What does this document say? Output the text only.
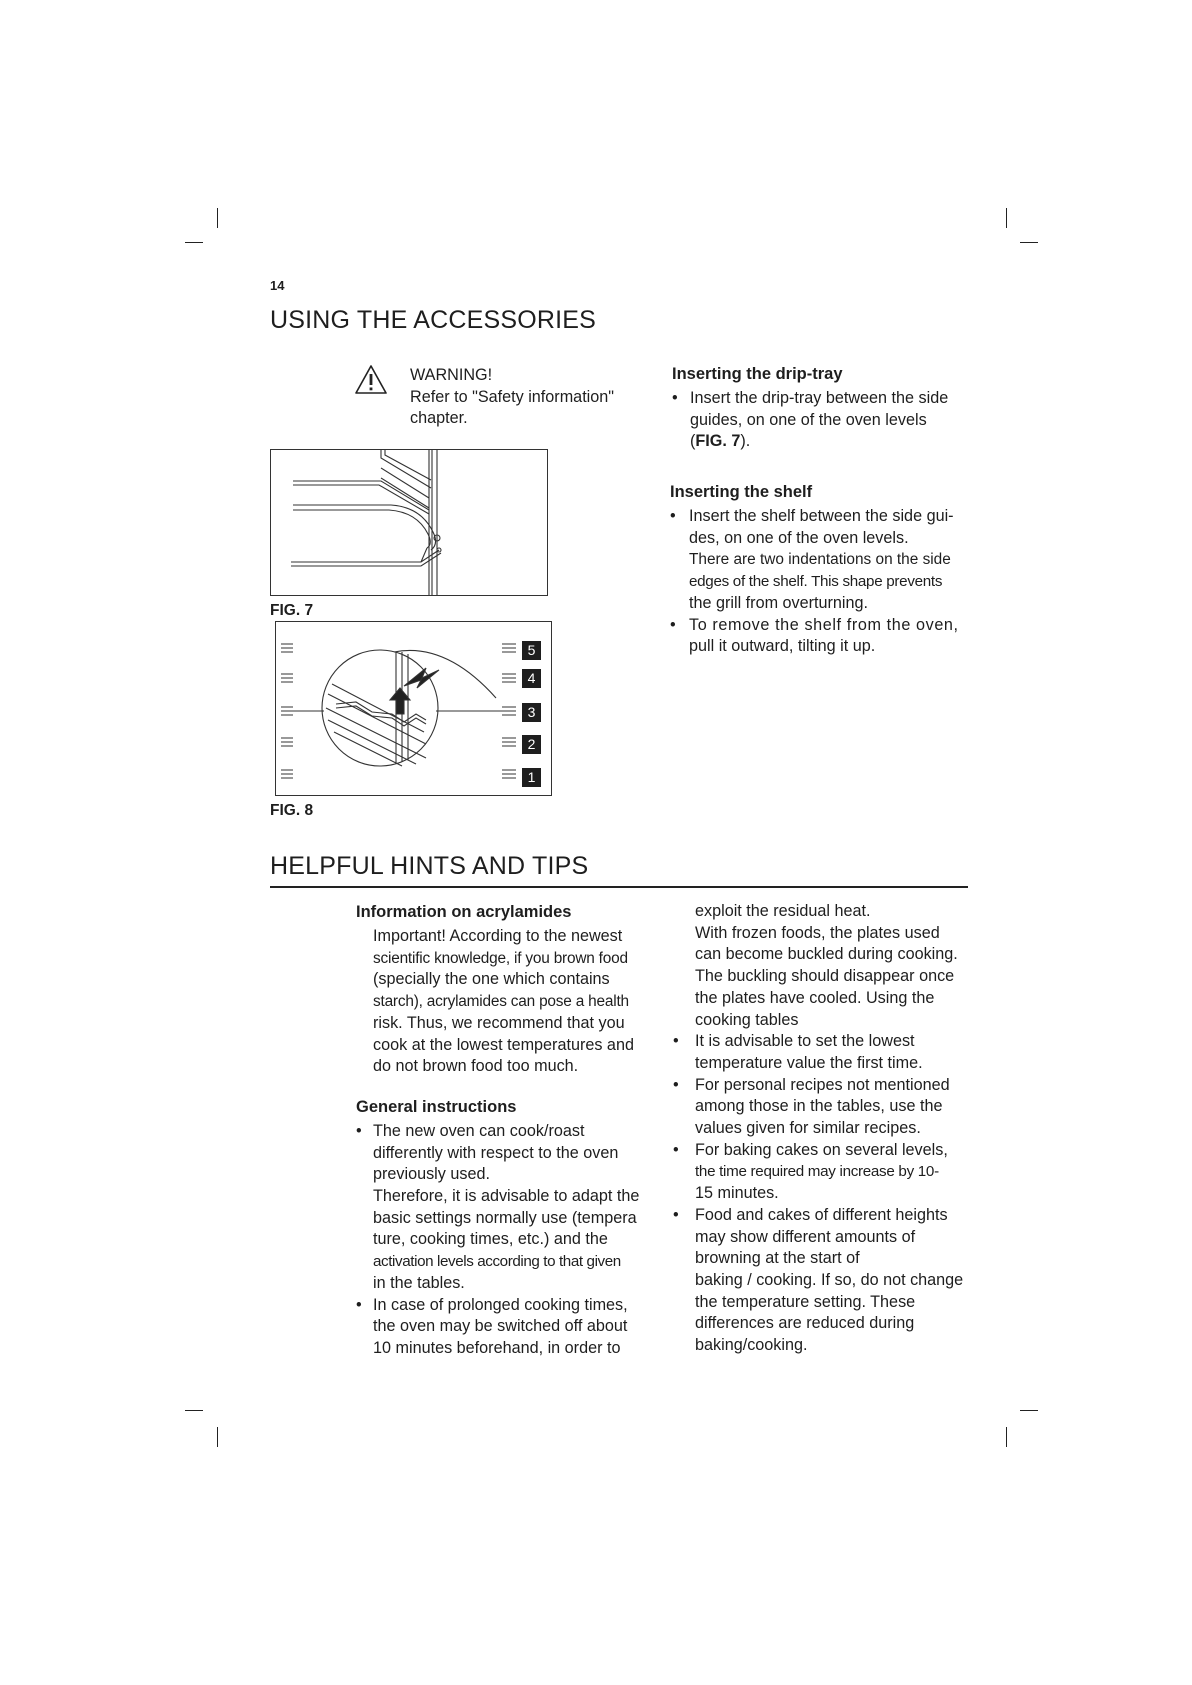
14
USING THE ACCESSORIES

WARNING!

Refer to "Safety information"

chapter.

FIG. 7
5
4
3
2
1
FIG. 8

Inserting the drip-tray

• Insert the drip-tray between the side
guides, on one of the oven levels
(FIG. 7).

Inserting the shelf

• Insert the shelf between the side gui-
des, on one of the oven levels.
There are two indentations on the side
edges of the shelf. This shape prevents
the grill from overturning.
• To remove the shelf from the oven,
pull it outward, tilting it up.
HELPFUL HINTS AND TIPS

Information on acrylamides

Important! According to the newest
scientific knowledge, if you brown food
(specially the one which contains
starch), acrylamides can pose a health
risk. Thus, we recommend that you
cook at the lowest temperatures and
do not brown food too much.

General instructions

• The new oven can cook/roast
differently with respect to the oven
previously used.
Therefore, it is advisable to adapt the
basic settings normally use (tempera
ture, cooking times, etc.) and the
activation levels according to that given
in the tables.
• In case of prolonged cooking times,
the oven may be switched off about
10 minutes beforehand, in order to
exploit the residual heat.
With frozen foods, the plates used
can become buckled during cooking.
The buckling should disappear once
the plates have cooled. Using the
cooking tables
• It is advisable to set the lowest
temperature value the first time.
• For personal recipes not mentioned
among those in the tables, use the
values given for similar recipes.
• For baking cakes on several levels,
the time required may increase by 10-
15 minutes.
• Food and cakes of different heights
may show different amounts of
browning at the start of
baking / cooking. If so, do not change
the temperature setting. These
differences are reduced during
baking/cooking.
